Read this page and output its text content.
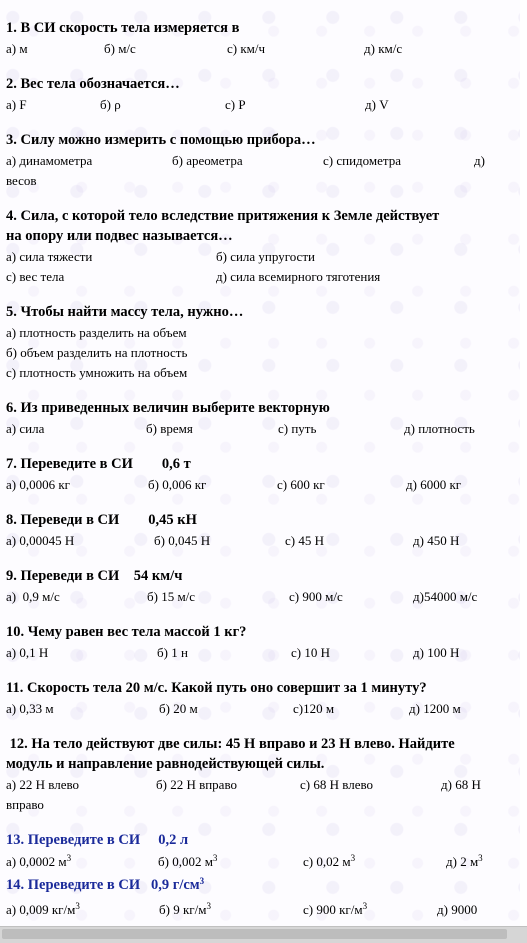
1. В СИ скорость тела измеряется в
а) м	б) м/с	с) км/ч	д) км/с
2. Вес тела обозначается…
а) F	б) ρ	с) Р	д) V
3. Силу можно измерить с помощью прибора…
а) динамометра	б) ареометра	с) спидометра	д)
весов
4. Сила, с которой тело вследствие притяжения к Земле действует
на опору или подвес называется…
а) сила тяжести	б) сила упругости
с) вес тела	д) сила всемирного тяготения
5. Чтобы найти массу тела, нужно…
а) плотность разделить на объем
б) объем разделить на плотность
с) плотность умножить на объем
6. Из приведенных величин выберите векторную
а) сила	б) время	с) путь	д) плотность
7. Переведите в СИ        0,6 т
а) 0,0006 кг	б) 0,006 кг	с) 600 кг	д) 6000 кг
8. Переведи в СИ        0,45 кН
а) 0,00045 Н	б) 0,045 Н	с) 45 Н	д) 450 Н
9. Переведи в СИ    54 км/ч
а)  0,9 м/с	б) 15 м/с	с) 900 м/с	д)54000 м/с
10. Чему равен вес тела массой 1 кг?
а) 0,1 Н	б) 1 н	с) 10 Н	д) 100 Н
11. Скорость тела 20 м/с. Какой путь оно совершит за 1 минуту?
а) 0,33 м	б) 20 м	с)120 м	д) 1200 м
12. На тело действуют две силы: 45 Н вправо и 23 Н влево. Найдите
модуль и направление равнодействующей силы.
а) 22 Н влево	б) 22 Н вправо	с) 68 Н влево	д) 68 Н
вправо
13. Переведите в СИ     0,2 л
а) 0,0002 $м^3$	б) 0,002 $м^3$	с) 0,02 $м^3$	д) 2 $м^3$
14. Переведите в СИ   0,9 $г/см^3$
а) 0,009 $кг/м^3$	б) 9 $кг/м^3$	с) 900 $кг/м^3$	д) 9000
